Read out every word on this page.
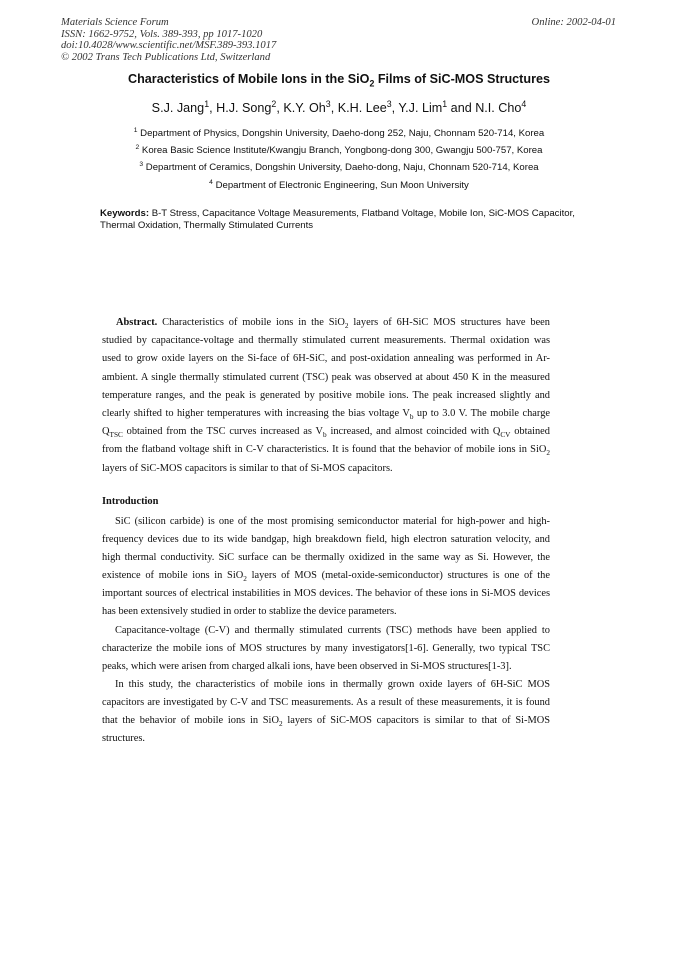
Materials Science Forum
ISSN: 1662-9752, Vols. 389-393, pp 1017-1020
doi:10.4028/www.scientific.net/MSF.389-393.1017
© 2002 Trans Tech Publications Ltd, Switzerland
Online: 2002-04-01
Characteristics of Mobile Ions in the SiO$_2$ Films of SiC-MOS Structures
S.J. Jang$^1$, H.J. Song$^2$, K.Y. Oh$^3$, K.H. Lee$^3$, Y.J. Lim$^1$ and N.I. Cho$^4$
$^1$ Department of Physics, Dongshin University, Daeho-dong 252, Naju, Chonnam 520-714, Korea
$^2$ Korea Basic Science Institute/Kwangju Branch, Yongbong-dong 300, Gwangju 500-757, Korea
$^3$ Department of Ceramics, Dongshin University, Daeho-dong, Naju, Chonnam 520-714, Korea
$^4$ Department of Electronic Engineering, Sun Moon University
Keywords: B-T Stress, Capacitance Voltage Measurements, Flatband Voltage, Mobile Ion, SiC-MOS Capacitor, Thermal Oxidation, Thermally Stimulated Currents

Abstract. Characteristics of mobile ions in the SiO$_2$ layers of 6H-SiC MOS structures have been studied by capacitance-voltage and thermally stimulated current measurements. Thermal oxidation was used to grow oxide layers on the Si-face of 6H-SiC, and post-oxidation annealing was performed in Ar-ambient. A single thermally stimulated current (TSC) peak was observed at about 450 K in the measured temperature ranges, and the peak is generated by positive mobile ions. The peak increased slightly and clearly shifted to higher temperatures with increasing the bias voltage $V_b$ up to 3.0 V. The mobile charge $Q_{TSC}$ obtained from the TSC curves increased as $V_b$ increased, and almost coincided with $Q_{CV}$ obtained from the flatband voltage shift in C-V characteristics. It is found that the behavior of mobile ions in SiO$_2$ layers of SiC-MOS capacitors is similar to that of Si-MOS capacitors.

Introduction

SiC (silicon carbide) is one of the most promising semiconductor material for high-power and high-frequency devices due to its wide bandgap, high breakdown field, high electron saturation velocity, and high thermal conductivity. SiC surface can be thermally oxidized in the same way as Si. However, the existence of mobile ions in SiO$_2$ layers of MOS (metal-oxide-semiconductor) structures is one of the important sources of electrical instabilities in MOS devices. The behavior of these ions in Si-MOS devices has been extensively studied in order to stablize the device parameters.

Capacitance-voltage (C-V) and thermally stimulated currents (TSC) methods have been applied to characterize the mobile ions of MOS structures by many investigators[1-6]. Generally, two typical TSC peaks, which were arisen from charged alkali ions, have been observed in Si-MOS structures[1-3].

In this study, the characteristics of mobile ions in thermally grown oxide layers of 6H-SiC MOS capacitors are investigated by C-V and TSC measurements. As a result of these measurements, it is found that the behavior of mobile ions in SiO$_2$ layers of SiC-MOS capacitors is similar to that of Si-MOS structures.
